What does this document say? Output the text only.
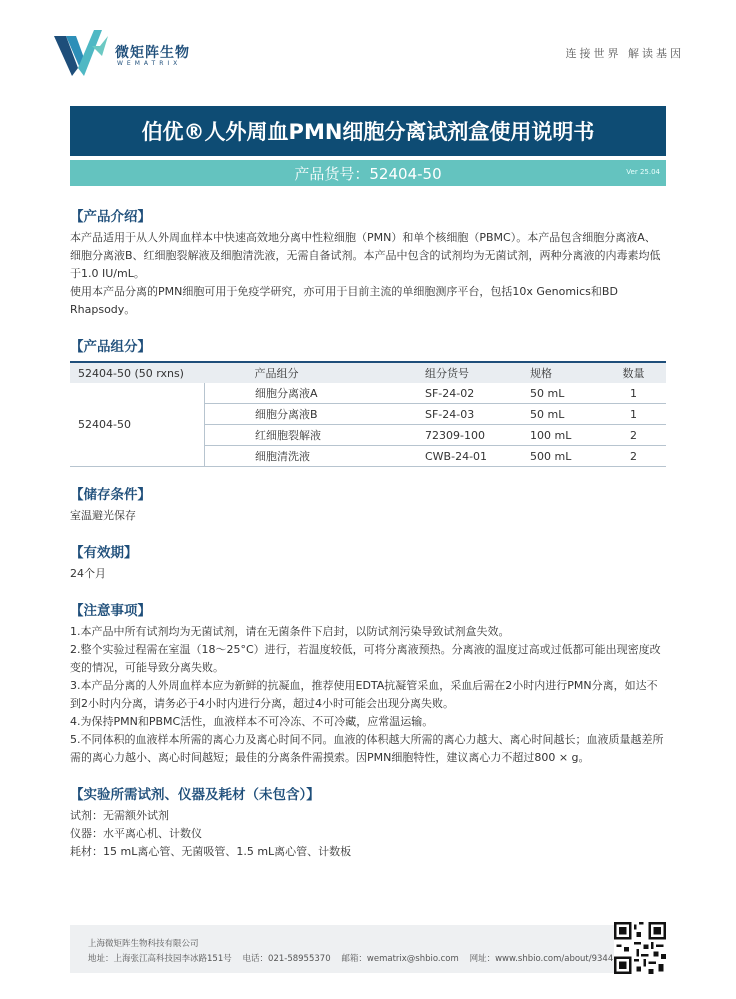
微矩阵生物
WEMATRIX
连接世界 解读基因
伯优®人外周血PMN细胞分离试剂盒使用说明书
产品货号：52404-50	Ver 25.04
【产品介绍】

本产品适用于从人外周血样本中快速高效地分离中性粒细胞（PMN）和单个核细胞（PBMC）。本产品包含细胞分离液A、细胞分离液B、红细胞裂解液及细胞清洗液，无需自备试剂。本产品中包含的试剂均为无菌试剂，两种分离液的内毒素均低于1.0 IU/mL。

使用本产品分离的PMN细胞可用于免疫学研究，亦可用于目前主流的单细胞测序平台，包括10x Genomics和BD Rhapsody。

【产品组分】
52404-50 (50 rxns)	产品组分	组分货号	规格	数量
52404-50	细胞分离液A	SF-24-02	50 mL	1
	细胞分离液B	SF-24-03	50 mL	1
	红细胞裂解液	72309-100	100 mL	2
	细胞清洗液	CWB-24-01	500 mL	2
【储存条件】

室温避光保存

【有效期】

24个月

【注意事项】

1.本产品中所有试剂均为无菌试剂，请在无菌条件下启封，以防试剂污染导致试剂盒失效。

2.整个实验过程需在室温（18～25°C）进行，若温度较低，可将分离液预热。分离液的温度过高或过低都可能出现密度改变的情况，可能导致分离失败。

3.本产品分离的人外周血样本应为新鲜的抗凝血，推荐使用EDTA抗凝管采血，采血后需在2小时内进行PMN分离，如达不到2小时内分离，请务必于4小时内进行分离，超过4小时可能会出现分离失败。

4.为保持PMN和PBMC活性，血液样本不可冷冻、不可冷藏，应常温运输。

5.不同体积的血液样本所需的离心力及离心时间不同。血液的体积越大所需的离心力越大、离心时间越长；血液质量越差所需的离心力越小、离心时间越短；最佳的分离条件需摸索。因PMN细胞特性，建议离心力不超过800 × g。

【实验所需试剂、仪器及耗材（未包含）】

试剂：无需额外试剂

仪器：水平离心机、计数仪

耗材：15 mL离心管、无菌吸管、1.5 mL离心管、计数板

上海微矩阵生物科技有限公司
地址：上海张江高科技园李冰路151号 电话：021-58955370 邮箱：wematrix@shbio.com 网址：www.shbio.com/about/9344
